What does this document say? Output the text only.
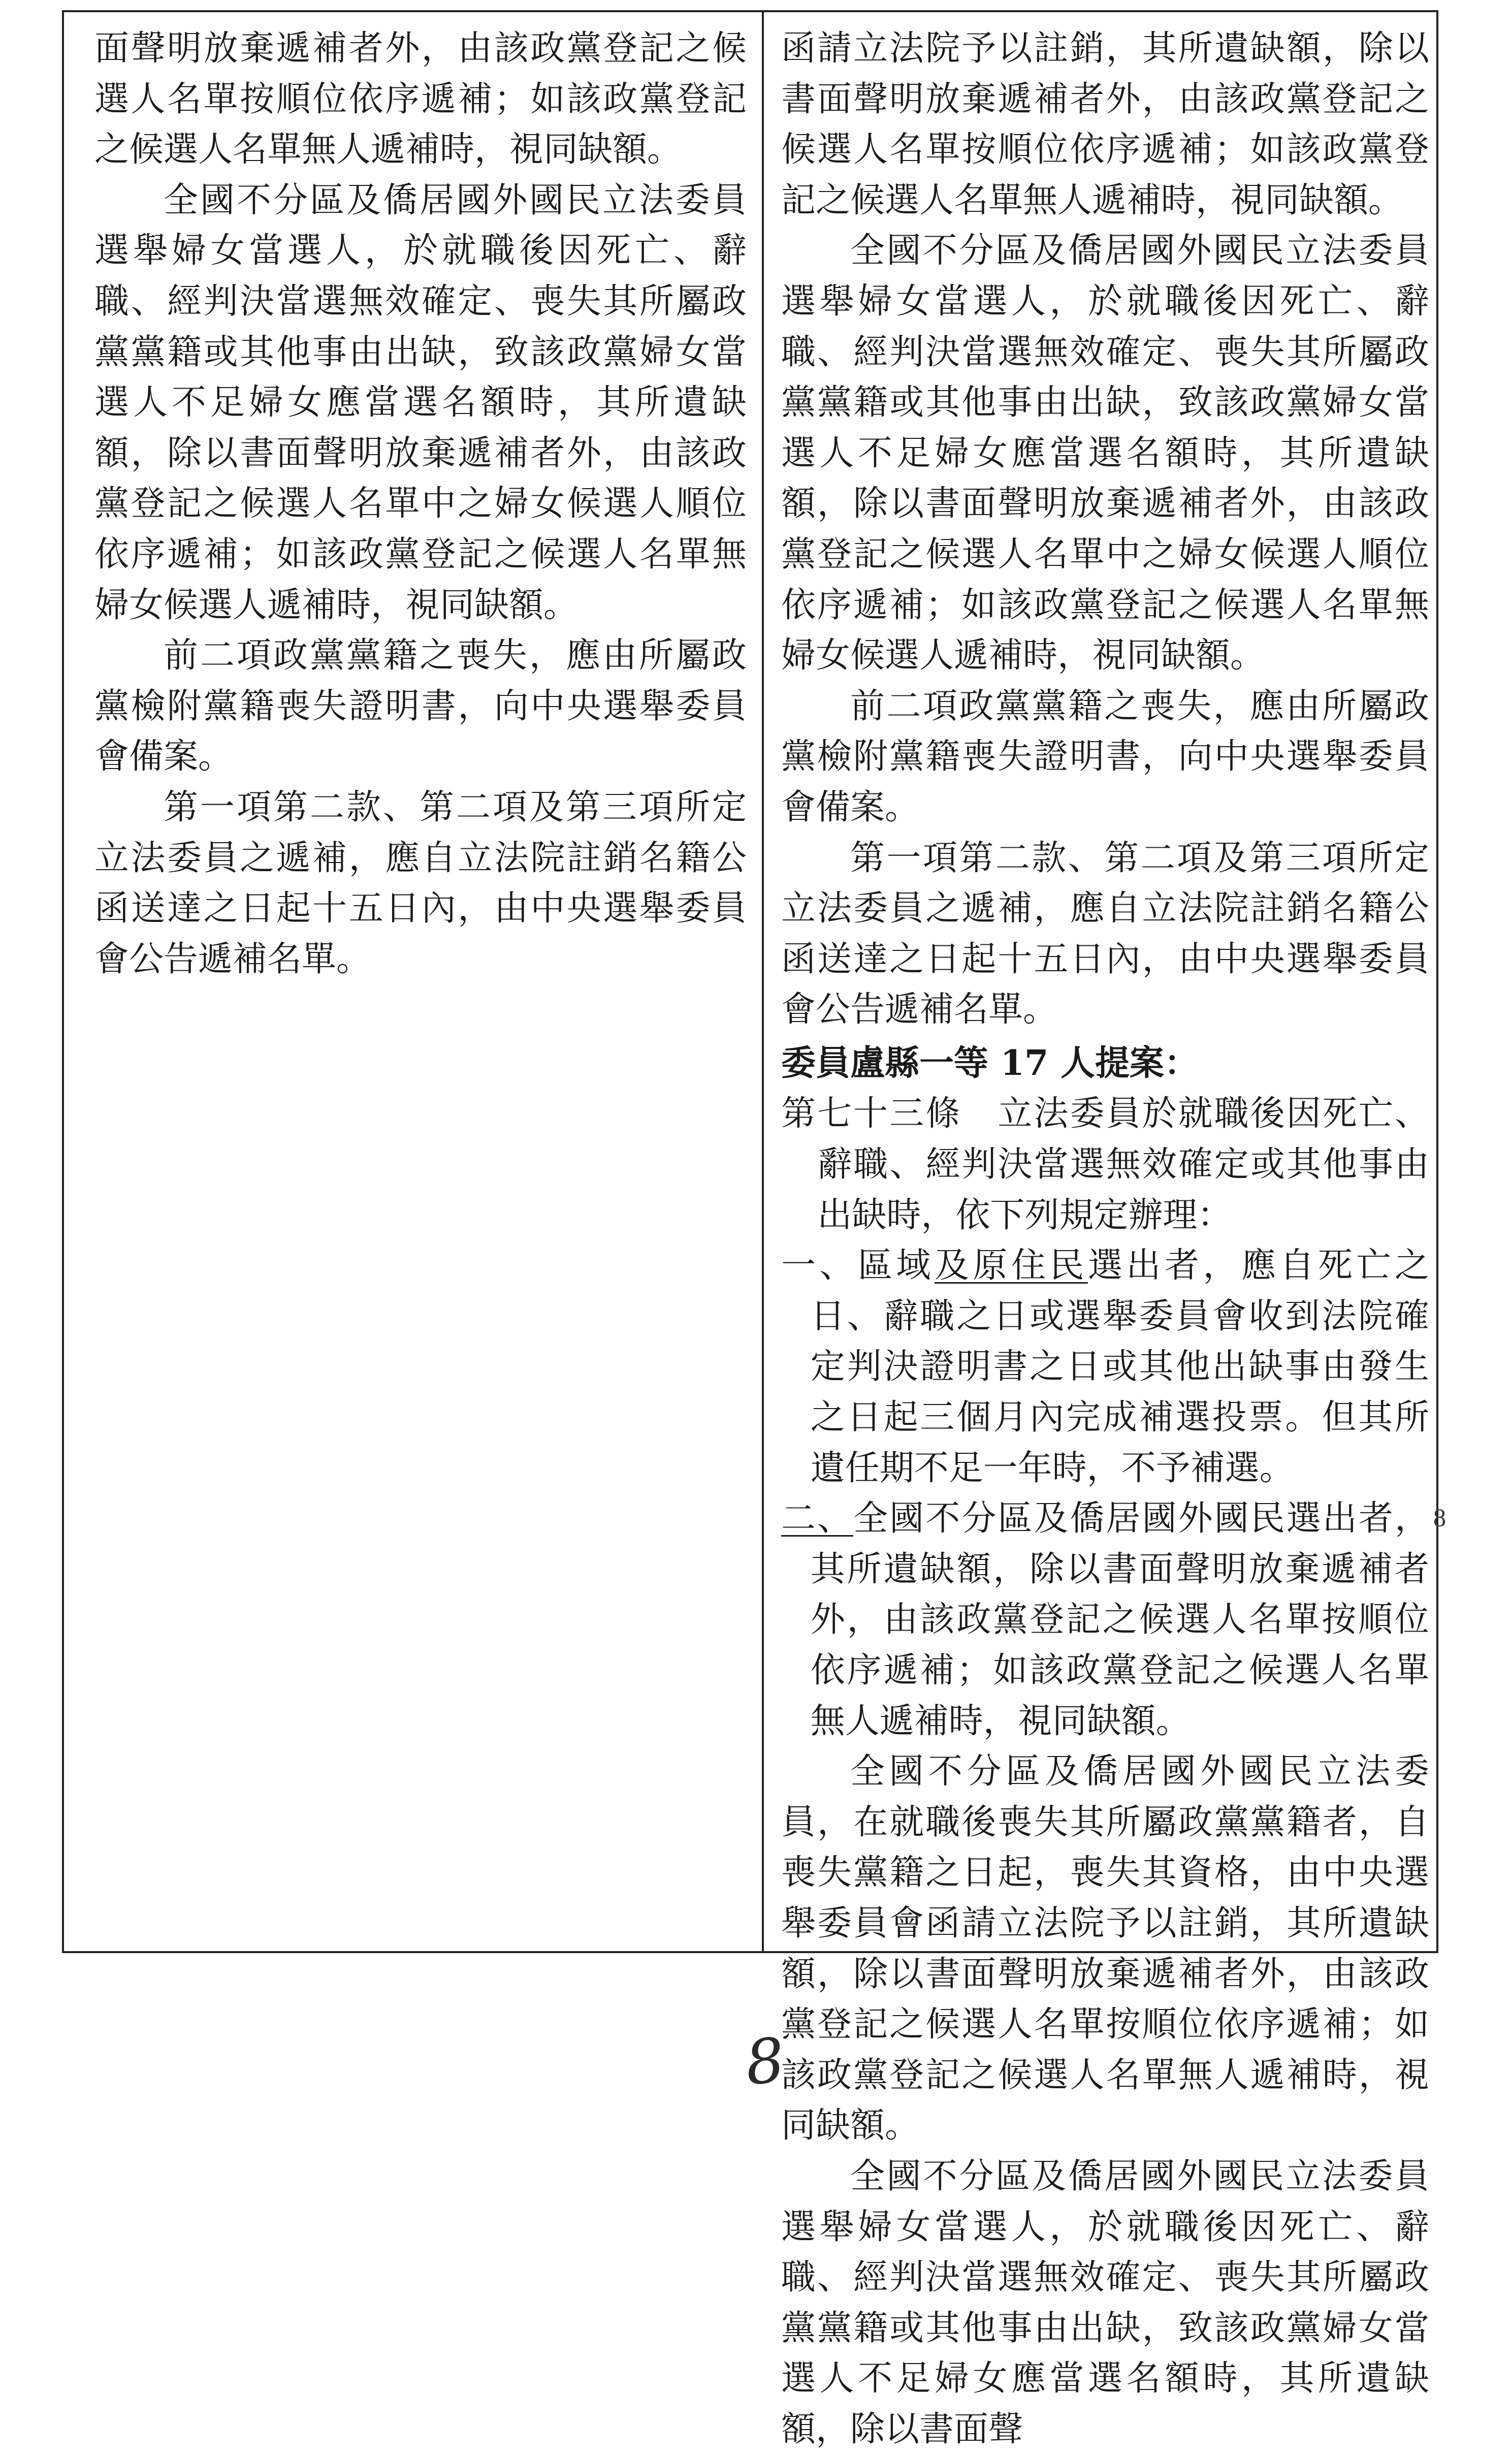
面聲明放棄遞補者外，由該政黨登記之候選人名單按順位依序遞補；如該政黨登記之候選人名單無人遞補時，視同缺額。

全國不分區及僑居國外國民立法委員選舉婦女當選人，於就職後因死亡、辭職、經判決當選無效確定、喪失其所屬政黨黨籍或其他事由出缺，致該政黨婦女當選人不足婦女應當選名額時，其所遺缺額，除以書面聲明放棄遞補者外，由該政黨登記之候選人名單中之婦女候選人順位依序遞補；如該政黨登記之候選人名單無婦女候選人遞補時，視同缺額。

前二項政黨黨籍之喪失，應由所屬政黨檢附黨籍喪失證明書，向中央選舉委員會備案。

第一項第二款、第二項及第三項所定立法委員之遞補，應自立法院註銷名籍公函送達之日起十五日內，由中央選舉委員會公告遞補名單。

函請立法院予以註銷，其所遺缺額，除以書面聲明放棄遞補者外，由該政黨登記之候選人名單按順位依序遞補；如該政黨登記之候選人名單無人遞補時，視同缺額。

全國不分區及僑居國外國民立法委員選舉婦女當選人，於就職後因死亡、辭職、經判決當選無效確定、喪失其所屬政黨黨籍或其他事由出缺，致該政黨婦女當選人不足婦女應當選名額時，其所遺缺額，除以書面聲明放棄遞補者外，由該政黨登記之候選人名單中之婦女候選人順位依序遞補；如該政黨登記之候選人名單無婦女候選人遞補時，視同缺額。

前二項政黨黨籍之喪失，應由所屬政黨檢附黨籍喪失證明書，向中央選舉委員會備案。

第一項第二款、第二項及第三項所定立法委員之遞補，應自立法院註銷名籍公函送達之日起十五日內，由中央選舉委員會公告遞補名單。

委員盧縣一等 17 人提案：

第七十三條　立法委員於就職後因死亡、辭職、經判決當選無效確定或其他事由出缺時，依下列規定辦理：

一、區域及原住民選出者，應自死亡之日、辭職之日或選舉委員會收到法院確定判決證明書之日或其他出缺事由發生之日起三個月內完成補選投票。但其所遺任期不足一年時，不予補選。

二、全國不分區及僑居國外國民選出者，其所遺缺額，除以書面聲明放棄遞補者外，由該政黨登記之候選人名單按順位依序遞補；如該政黨登記之候選人名單無人遞補時，視同缺額。

全國不分區及僑居國外國民立法委員，在就職後喪失其所屬政黨黨籍者，自喪失黨籍之日起，喪失其資格，由中央選舉委員會函請立法院予以註銷，其所遺缺額，除以書面聲明放棄遞補者外，由該政黨登記之候選人名單按順位依序遞補；如該政黨登記之候選人名單無人遞補時，視同缺額。

全國不分區及僑居國外國民立法委員選舉婦女當選人，於就職後因死亡、辭職、經判決當選無效確定、喪失其所屬政黨黨籍或其他事由出缺，致該政黨婦女當選人不足婦女應當選名額時，其所遺缺額，除以書面聲

8
8
